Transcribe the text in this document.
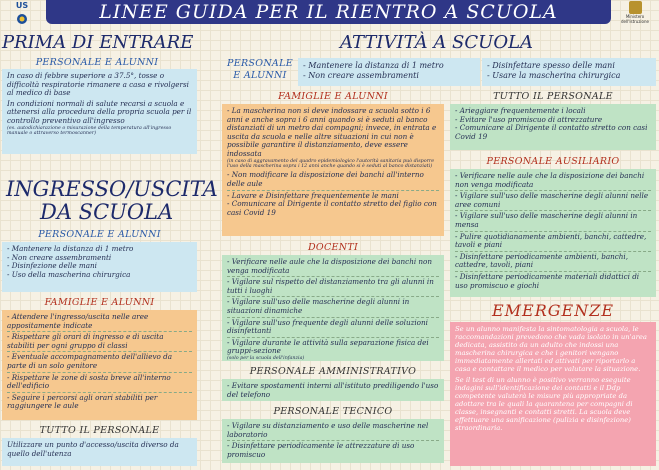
US	LINEE GUIDA PER IL RIENTRO A SCUOLA	Ministero dell'Istruzione
PRIMA DI ENTRARE
PERSONALE E ALUNNI

In caso di febbre superiore a 37.5°, tosse o difficoltà respiratorie rimanere a casa e rivolgersi al medico di base

In condizioni normali di salute recarsi a scuola e attenersi alla procedura della propria scuola per il controllo preventivo all'ingresso

(es. autodichiarazione o misurazione della temperatura all'ingresso manuale o attraverso termoscanner)

INGRESSO/USCITA
DA SCUOLA
PERSONALE E ALUNNI
- Mantenere la distanza di 1 metro
- Non creare assembramenti
- Disinfezione delle mani
- Uso della mascherina chirurgica
FAMIGLIE E ALUNNI
- Attendere l'ingresso/uscita nelle aree appositamente indicate
- Rispettare gli orari di ingresso e di uscita stabiliti per ogni gruppo di classi
- Eventuale accompagnamento dell'allievo da parte di un solo genitore
- Rispettare le zone di sosta breve all'interno dell'edificio
- Seguire i percorsi agli orari stabiliti per raggiungere le aule
TUTTO IL PERSONALE
Utilizzare un punto d'accesso/uscita diverso da quello dell'utenza
ATTIVITÀ A SCUOLA
PERSONALE
E ALUNNI
- Mantenere la distanza di 1 metro
- Non creare assembramenti
- Disinfettare spesso delle mani
- Usare la mascherina chirurgica
FAMIGLIE E ALUNNI

- La mascherina non si deve indossare a scuola sotto i 6 anni e anche sopra i 6 anni quando si è seduti al banco distanziati di un metro dai compagni; invece, in entrata e uscita da scuola e nelle altre situazioni in cui non è possibile garantire il distanziamento, deve essere indossata

(in caso di aggravamento del quadro epidemiologico l'autorità sanitaria può disporre l'uso della mascherina sopra i 12 anni anche quando si è seduti al banco distanziati)

- Non modificare la disposizione dei banchi all'interno delle aule
- Lavare e Disinfettare frequentemente le mani
- Comunicare al Dirigente il contatto stretto del figlio con casi Covid 19
DOCENTI
- Verificare nelle aule che la disposizione dei banchi non venga modificata
- Vigilare sul rispetto del distanziamento tra gli alunni in tutti i luoghi
- Vigilare sull'uso delle mascherine degli alunni in situazioni dinamiche
- Vigilare sull'uso frequente degli alunni delle soluzioni disinfettanti
- Vigilare durante le attività sulla separazione fisica dei gruppi-sezione
(solo per la scuola dell'infanzia)
PERSONALE AMMINISTRATIVO
- Evitare spostamenti interni all'istituto prediligendo l'uso del telefono
PERSONALE TECNICO
- Vigilare su distanziamento e uso delle mascherine nel laboratorio
- Disinfettare periodicamente le attrezzature di uso promiscuo
TUTTO IL PERSONALE
- Arieggiare frequentemente i locali
- Evitare l'uso promiscuo di attrezzature
- Comunicare al Dirigente il contatto stretto con casi Covid 19
PERSONALE AUSILIARIO
- Verificare nelle aule che la disposizione dei banchi non venga modificata
- Vigilare sull'uso delle mascherine degli alunni nelle aree comuni
- Vigilare sull'uso delle mascherine degli alunni in mensa
- Pulire quotidianamente ambienti, banchi, cattedre, tavoli e piani
- Disinfettare periodicamente ambienti, banchi, cattedre, tavoli, piani
- Disinfettare periodicamente materiali didattici di uso promiscuo e giochi
EMERGENZE

Se un alunno manifesta la sintomatologia a scuola, le raccomandazioni prevedono che vada isolato in un'area dedicata, assistito da un adulto che indossi una mascherina chirurgica e che i genitori vengano immediatamente allertati ed attivati per riportarlo a casa e contattare il medico per valutare la situazione.

Se il test di un alunno è positivo verranno eseguite indagini sull'identificazione dei contatti e il Ddp competente valuterà le misure più appropriate da adottare tra le quali la quarantena per compagni di classe, insegnanti e contatti stretti. La scuola deve effettuare una sanificazione (pulizia e disinfezione) straordinaria.
